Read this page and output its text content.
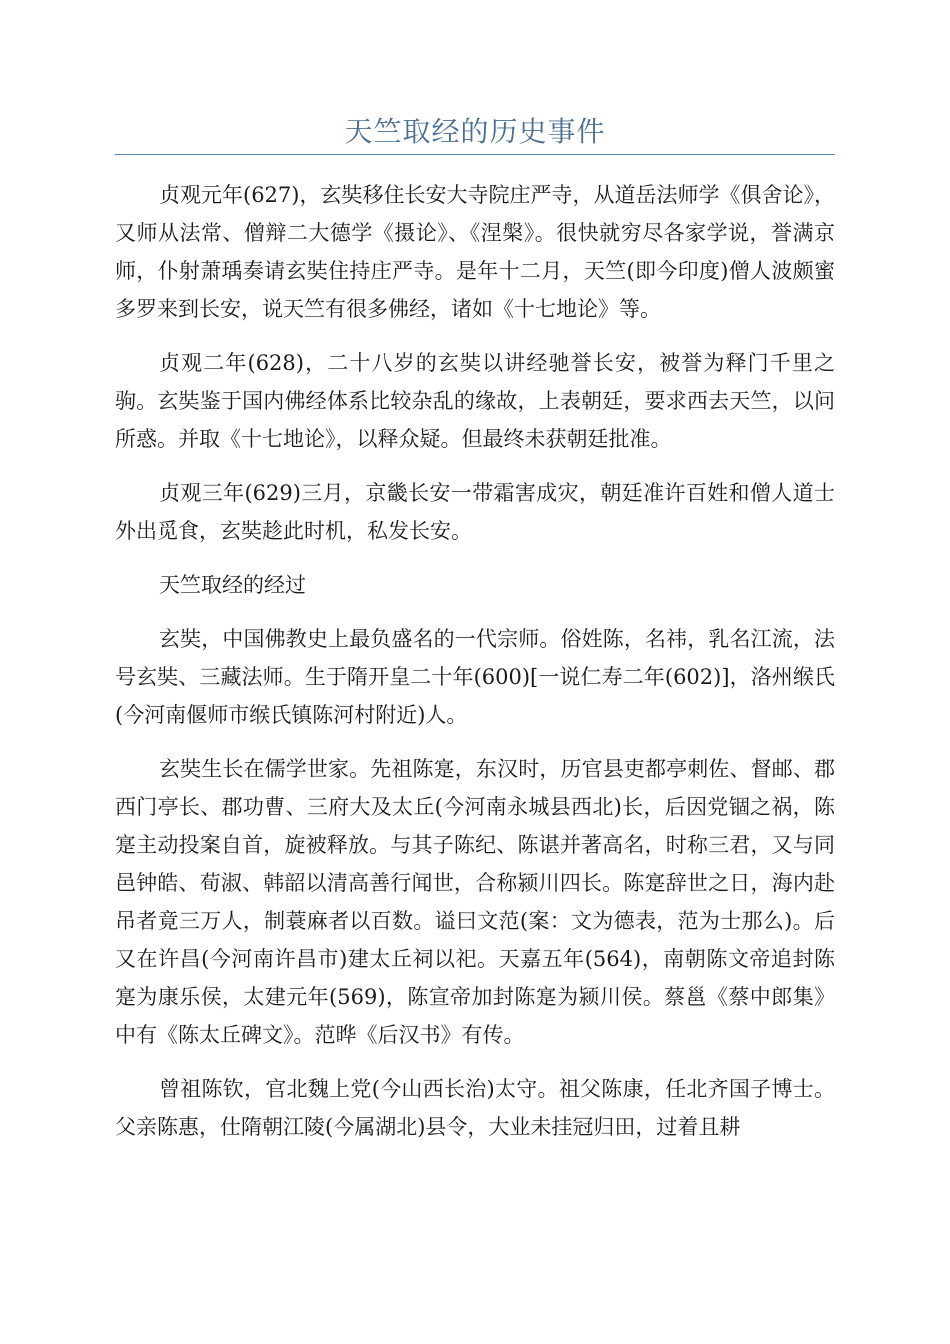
天竺取经的历史事件

贞观元年(627)，玄奘移住长安大寺院庄严寺，从道岳法师学《俱舍论》，又师从法常、僧辩二大德学《摄论》、《涅槃》。很快就穷尽各家学说，誉满京师，仆射萧瑀奏请玄奘住持庄严寺。是年十二月，天竺(即今印度)僧人波颇蜜多罗来到长安，说天竺有很多佛经，诸如《十七地论》等。

贞观二年(628)，二十八岁的玄奘以讲经驰誉长安，被誉为释门千里之驹。玄奘鉴于国内佛经体系比较杂乱的缘故，上表朝廷，要求西去天竺，以问所惑。并取《十七地论》，以释众疑。但最终未获朝廷批准。

贞观三年(629)三月，京畿长安一带霜害成灾，朝廷准许百姓和僧人道士外出觅食，玄奘趁此时机，私发长安。

天竺取经的经过

玄奘，中国佛教史上最负盛名的一代宗师。俗姓陈，名祎，乳名江流，法号玄奘、三藏法师。生于隋开皇二十年(600)[一说仁寿二年(602)]，洛州缑氏(今河南偃师市缑氏镇陈河村附近)人。

玄奘生长在儒学世家。先祖陈寔，东汉时，历官县吏都亭刺佐、督邮、郡西门亭长、郡功曹、三府大及太丘(今河南永城县西北)长，后因党锢之祸，陈寔主动投案自首，旋被释放。与其子陈纪、陈谌并著高名，时称三君，又与同邑钟皓、荀淑、韩韶以清高善行闻世，合称颍川四长。陈寔辞世之日，海内赴吊者竟三万人，制蓑麻者以百数。谥曰文范(案：文为德表，范为士那么)。后又在许昌(今河南许昌市)建太丘祠以祀。天嘉五年(564)，南朝陈文帝追封陈寔为康乐侯，太建元年(569)，陈宣帝加封陈寔为颍川侯。蔡邕《蔡中郎集》中有《陈太丘碑文》。范晔《后汉书》有传。

曾祖陈钦，官北魏上党(今山西长治)太守。祖父陈康，任北齐国子博士。父亲陈惠，仕隋朝江陵(今属湖北)县令，大业未挂冠归田，过着且耕
